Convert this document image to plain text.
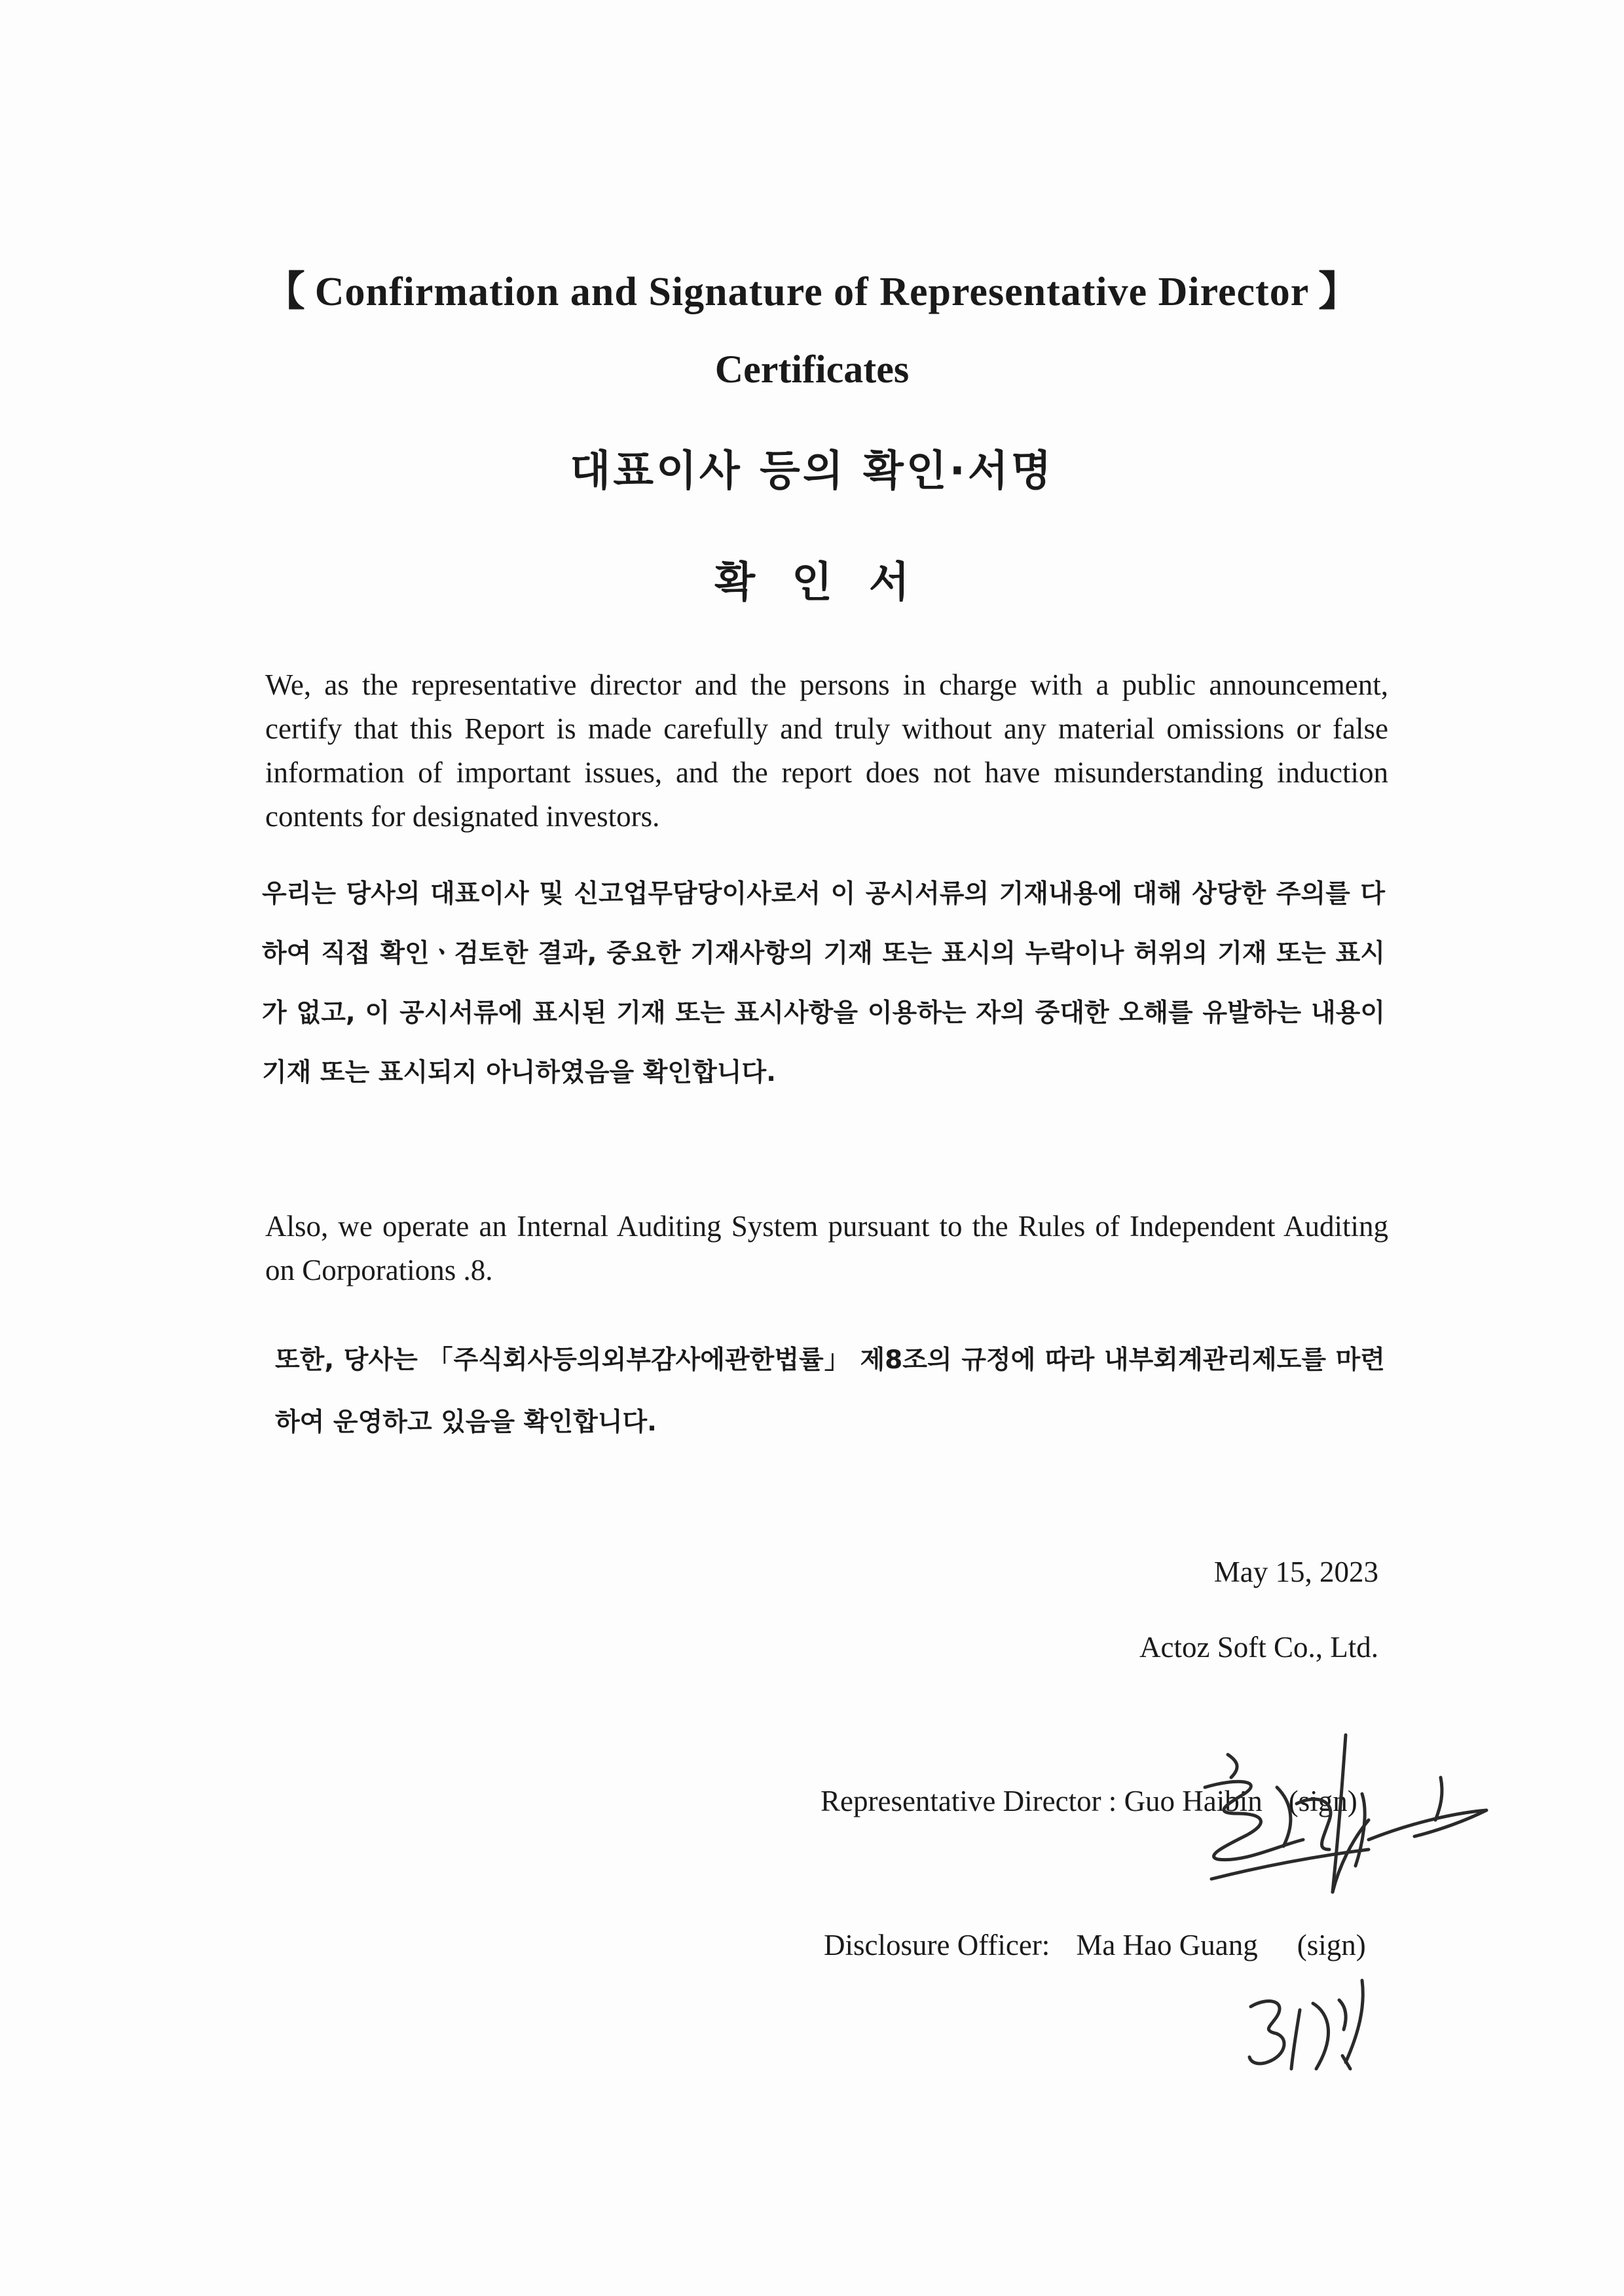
【 Confirmation and Signature of Representative Director 】
Certificates
대표이사 등의 확인·서명
확인서
We, as the representative director and the persons in charge with a public announcement, certify that this Report is made carefully and truly without any material omissions or false information of important issues, and the report does not have misunderstanding induction contents for designated investors.
우리는 당사의 대표이사 및 신고업무담당이사로서 이 공시서류의 기재내용에 대해 상당한 주의를 다하여 직접 확인ㆍ검토한 결과, 중요한 기재사항의 기재 또는 표시의 누락이나 허위의 기재 또는 표시가 없고, 이 공시서류에 표시된 기재 또는 표시사항을 이용하는 자의 중대한 오해를 유발하는 내용이 기재 또는 표시되지 아니하였음을 확인합니다.
Also, we operate an Internal Auditing System pursuant to the Rules of Independent Auditing on Corporations .8.
또한, 당사는 「주식회사등의외부감사에관한법률」 제8조의 규정에 따라 내부회계관리제도를 마련하여 운영하고 있음을 확인합니다.
May 15, 2023
Actoz Soft Co., Ltd.
Representative Director : Guo Haibin (sign)
Disclosure Officer: Ma Hao Guang (sign)
